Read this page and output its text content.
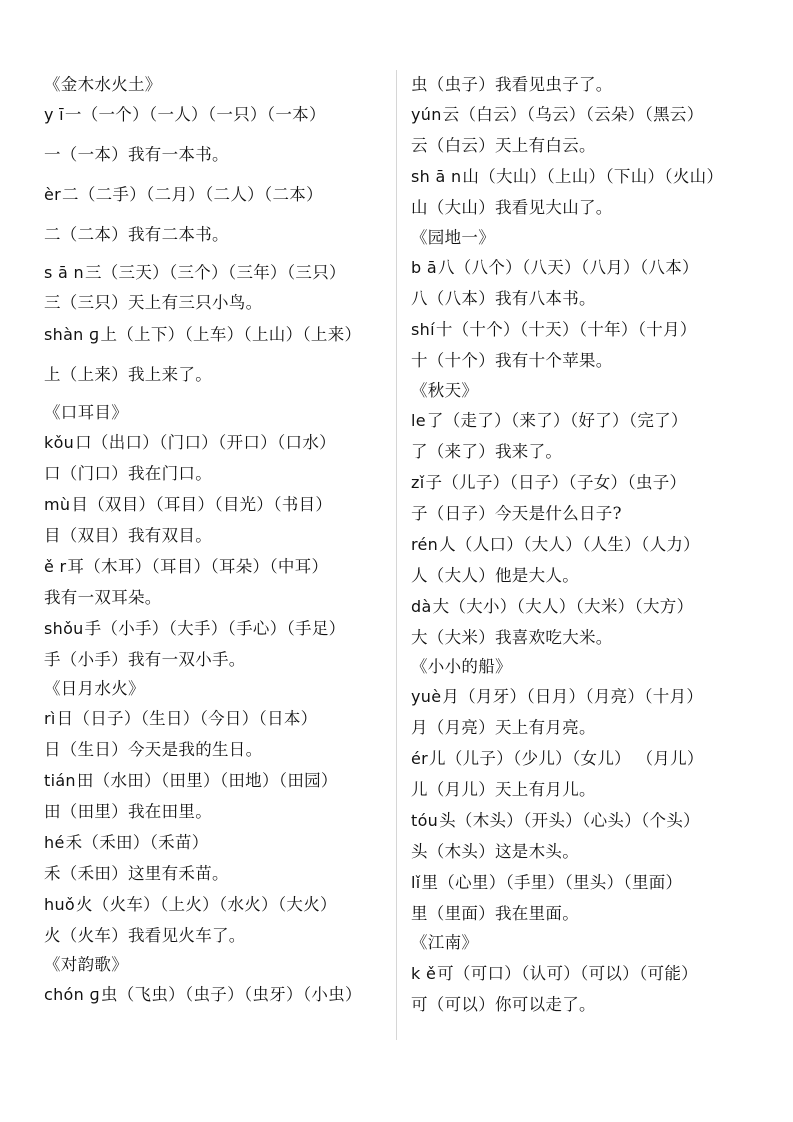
《金木水火土》
y ī一（一个）（一人）（一只）（一本）
一（一本）我有一本书。
èr二（二手）（二月）（二人）（二本）
二（二本）我有二本书。
s ā n三（三天）（三个）（三年）（三只）
三（三只）天上有三只小鸟。
shàn ɡ上（上下）（上车）（上山）（上来）
上（上来）我上来了。
《口耳目》
kǒu口（出口）（门口）（开口）（口水）
口（门口）我在门口。
mù目（双目）（耳目）（目光）（书目）
目（双目）我有双目。
ě r耳（木耳）（耳目）（耳朵）（中耳）
我有一双耳朵。
shǒu手（小手）（大手）（手心）（手足）
手（小手）我有一双小手。
《日月水火》
rì日（日子）（生日）（今日）（日本）
日（生日）今天是我的生日。
tián田（水田）（田里）（田地）（田园）
田（田里）我在田里。
hé禾（禾田）（禾苗）
禾（禾田）这里有禾苗。
huǒ火（火车）（上火）（水火）（大火）
火（火车）我看见火车了。
《对韵歌》
chón ɡ虫（飞虫）（虫子）（虫牙）（小虫）
虫（虫子）我看见虫子了。
yún云（白云）（乌云）（云朵）（黑云）
云（白云）天上有白云。
sh ā n山（大山）（上山）（下山）（火山）
山（大山）我看见大山了。
《园地一》
b ā八（八个）（八天）（八月）（八本）
八（八本）我有八本书。
shí十（十个）（十天）（十年）（十月）
十（十个）我有十个苹果。
《秋天》
le了（走了）（来了）（好了）（完了）
了（来了）我来了。
zǐ子（儿子）（日子）（子女）（虫子）
子（日子）今天是什么日子?
rén人（人口）（大人）（人生）（人力）
人（大人）他是大人。
dà大（大小）（大人）（大米）（大方）
大（大米）我喜欢吃大米。
《小小的船》
yuè月（月牙）（日月）（月亮）（十月）
月（月亮）天上有月亮。
ér儿（儿子）（少儿）（女儿） （月儿）
儿（月儿）天上有月儿。
tóu头（木头）（开头）（心头）（个头）
头（木头）这是木头。
lǐ里（心里）（手里）（里头）（里面）
里（里面）我在里面。
《江南》
k ě可（可口）（认可）（可以）（可能）
可（可以）你可以走了。
